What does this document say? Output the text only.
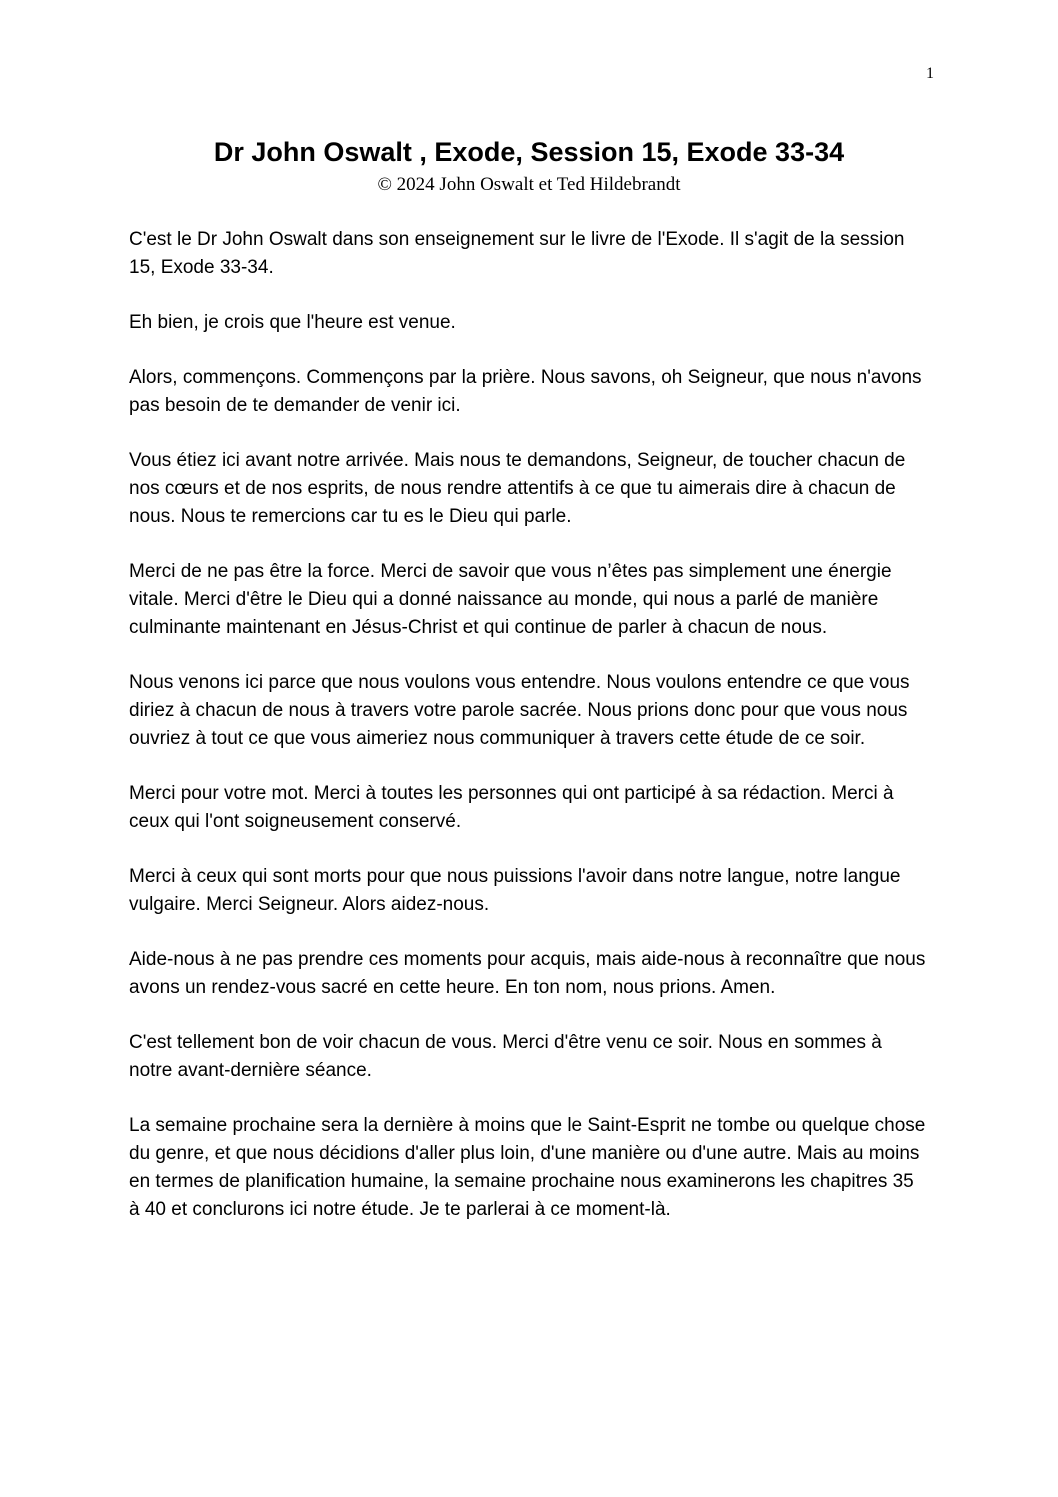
1
Dr John Oswalt , Exode, Session 15, Exode 33-34
© 2024 John Oswalt et Ted Hildebrandt

C'est le Dr John Oswalt dans son enseignement sur le livre de l'Exode. Il s'agit de la session 15, Exode 33-34.

Eh bien, je crois que l'heure est venue.

Alors, commençons. Commençons par la prière. Nous savons, oh Seigneur, que nous n'avons pas besoin de te demander de venir ici.

Vous étiez ici avant notre arrivée. Mais nous te demandons, Seigneur, de toucher chacun de nos cœurs et de nos esprits, de nous rendre attentifs à ce que tu aimerais dire à chacun de nous. Nous te remercions car tu es le Dieu qui parle.

Merci de ne pas être la force. Merci de savoir que vous n’êtes pas simplement une énergie vitale. Merci d'être le Dieu qui a donné naissance au monde, qui nous a parlé de manière culminante maintenant en Jésus-Christ et qui continue de parler à chacun de nous.

Nous venons ici parce que nous voulons vous entendre. Nous voulons entendre ce que vous diriez à chacun de nous à travers votre parole sacrée. Nous prions donc pour que vous nous ouvriez à tout ce que vous aimeriez nous communiquer à travers cette étude de ce soir.

Merci pour votre mot. Merci à toutes les personnes qui ont participé à sa rédaction. Merci à ceux qui l'ont soigneusement conservé.

Merci à ceux qui sont morts pour que nous puissions l'avoir dans notre langue, notre langue vulgaire. Merci Seigneur. Alors aidez-nous.

Aide-nous à ne pas prendre ces moments pour acquis, mais aide-nous à reconnaître que nous avons un rendez-vous sacré en cette heure. En ton nom, nous prions. Amen.

C'est tellement bon de voir chacun de vous. Merci d'être venu ce soir. Nous en sommes à notre avant-dernière séance.

La semaine prochaine sera la dernière à moins que le Saint-Esprit ne tombe ou quelque chose du genre, et que nous décidions d'aller plus loin, d'une manière ou d'une autre. Mais au moins en termes de planification humaine, la semaine prochaine nous examinerons les chapitres 35 à 40 et conclurons ici notre étude. Je te parlerai à ce moment-là.
